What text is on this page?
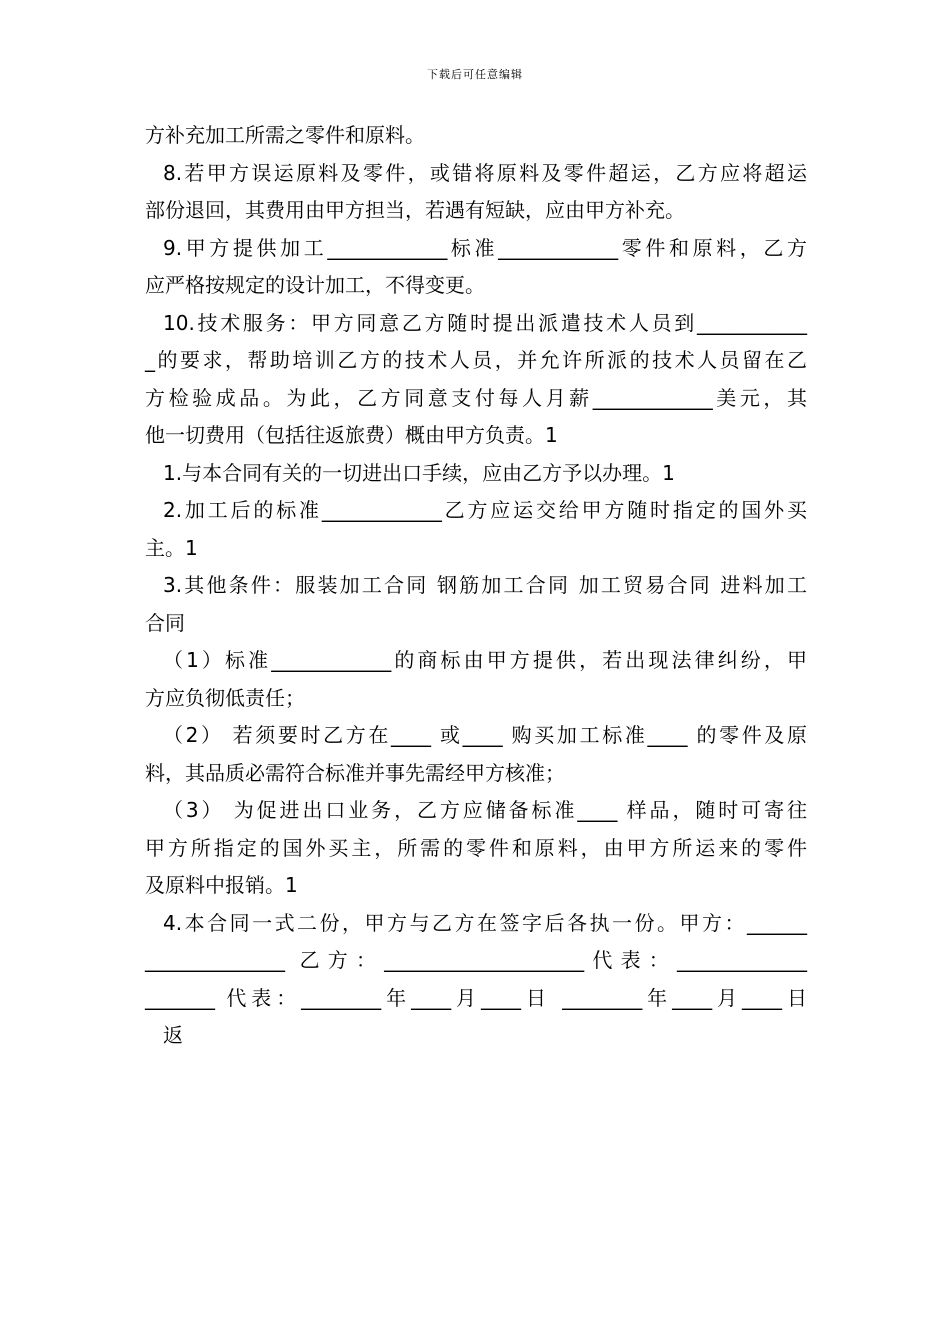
下载后可任意编辑

方补充加工所需之零件和原料。

8.若甲方误运原料及零件，或错将原料及零件超运，乙方应将超运

部份退回，其费用由甲方担当，若遇有短缺，应由甲方补充。

9.甲方提供加工____________标准____________零件和原料，乙方

应严格按规定的设计加工，不得变更。

10.技术服务：甲方同意乙方随时提出派遣技术人员到___________

_的要求，帮助培训乙方的技术人员，并允许所派的技术人员留在乙

方检验成品。为此，乙方同意支付每人月薪____________美元，其

他一切费用（包括往返旅费）概由甲方负责。1

1.与本合同有关的一切进出口手续，应由乙方予以办理。1

2.加工后的标准____________乙方应运交给甲方随时指定的国外买

主。1

3.其他条件：服装加工合同 钢筋加工合同 加工贸易合同 进料加工

合同

（1）标准____________的商标由甲方提供，若出现法律纠纷，甲

方应负彻低责任；

（2） 若须要时乙方在____ 或____ 购买加工标准____ 的零件及原

料，其品质必需符合标准并事先需经甲方核准；

（3） 为促进出口业务，乙方应储备标准____ 样品，随时可寄往

甲方所指定的国外买主，所需的零件和原料，由甲方所运来的零件

及原料中报销。1

4.本合同一式二份，甲方与乙方在签字后各执一份。甲方：______

______________ 乙方：____________________代表：_____________

_______ 代表：________年____月____日 ________年____月____日

返
